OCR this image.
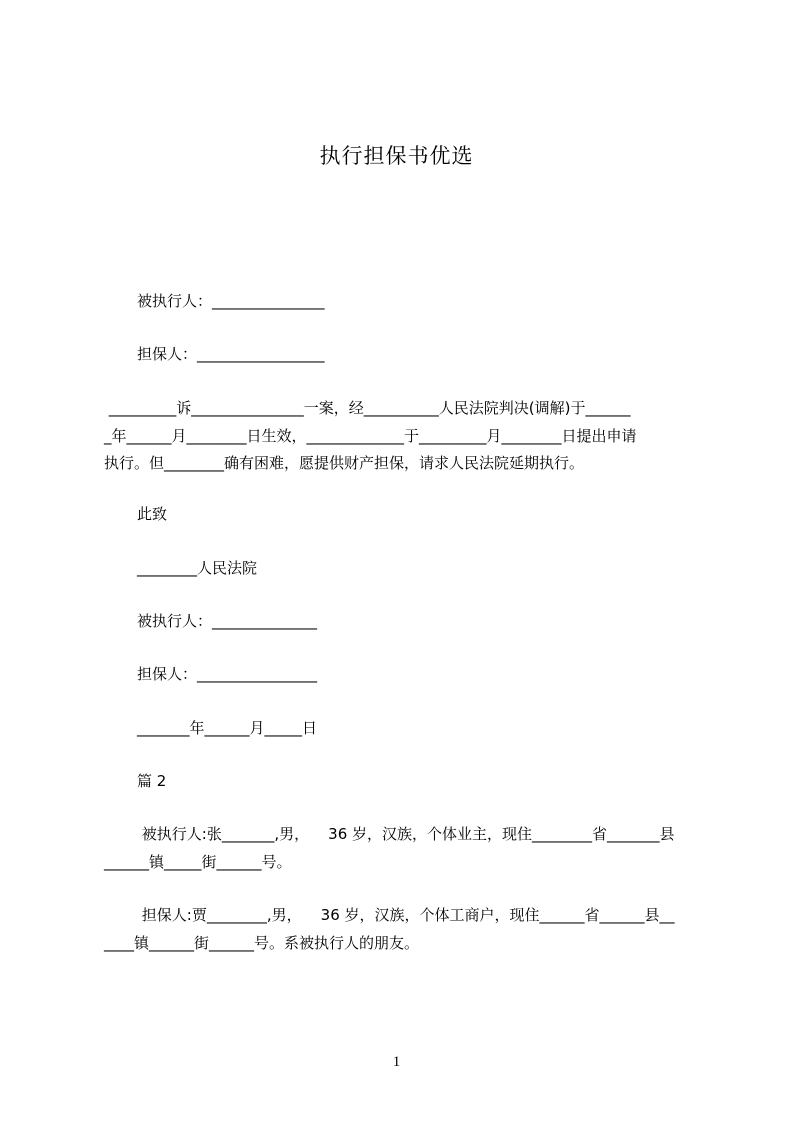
执行担保书优选

被执行人：_______________

担保人：_________________

_________诉_______________一案，经__________人民法院判决(调解)于______

_年______月________日生效，_____________于_________月________日提出申请

执行。但________确有困难，愿提供财产担保，请求人民法院延期执行。

此致

________人民法院

被执行人：______________

担保人：________________

_______年______月_____日

篇 2

被执行人:张_______,男，    36 岁，汉族，个体业主，现住________省_______县

______镇_____街______号。

担保人:贾________,男，    36 岁，汉族，个体工商户，现住______省______县__

____镇______街______号。系被执行人的朋友。

1
